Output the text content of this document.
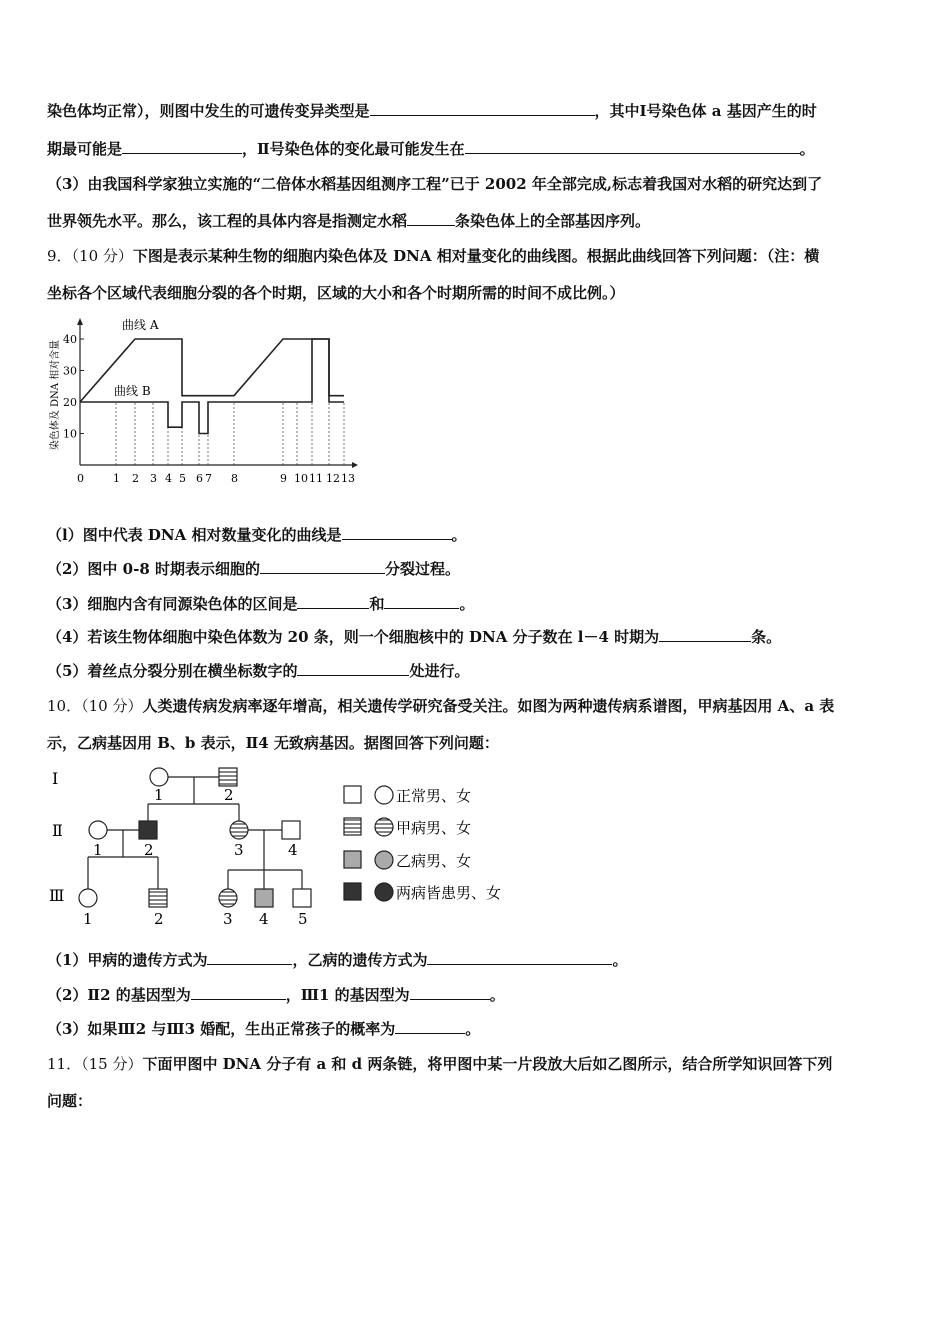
染色体均正常），则图中发生的可遗传变异类型是	，其中Ⅰ号染色体 a 基因产生的时
期最可能是	，Ⅱ号染色体的变化最可能发生在	。
（3）由我国科学家独立实施的“二倍体水稻基因组测序工程”已于 2002 年全部完成,标志着我国对水稻的研究达到了
世界领先水平。那么，该工程的具体内容是指测定水稻	条染色体上的全部基因序列。
9．（10 分）下图是表示某种生物的细胞内染色体及 DNA 相对量变化的曲线图。根据此曲线回答下列问题：（注：横
坐标各个区域代表细胞分裂的各个时期，区域的大小和各个时期所需的时间不成比例。）
10
20
30
40
0	1 2 3 4 5 6 7 8	9 10 11 12 13
染色体及 DNA 相对含量
曲线 A
曲线 B
（l）图中代表 DNA 相对数量变化的曲线是	。
（2）图中 0-8 时期表示细胞的	分裂过程。
（3）细胞内含有同源染色体的区间是	和	。
（4）若该生物体细胞中染色体数为 20 条，则一个细胞核中的 DNA 分子数在 l－4 时期为	条。
（5）着丝点分裂分别在横坐标数字的	处进行。
10．（10 分）人类遗传病发病率逐年增高，相关遗传学研究备受关注。如图为两种遗传病系谱图，甲病基因用 A、a 表
示，乙病基因用 B、b 表示，Ⅱ4 无致病基因。据图回答下列问题：
Ⅰ
Ⅱ
Ⅲ
1	2
1	2	3	4
1	2	3 4 5
正常男、女
甲病男、女
乙病男、女
两病皆患男、女
（1）甲病的遗传方式为	，乙病的遗传方式为	。
（2）Ⅱ2 的基因型为	，Ⅲ1 的基因型为	。
（3）如果Ⅲ2 与Ⅲ3 婚配，生出正常孩子的概率为	。
11．（15 分）下面甲图中 DNA 分子有 a 和 d 两条链，将甲图中某一片段放大后如乙图所示，结合所学知识回答下列
问题：
